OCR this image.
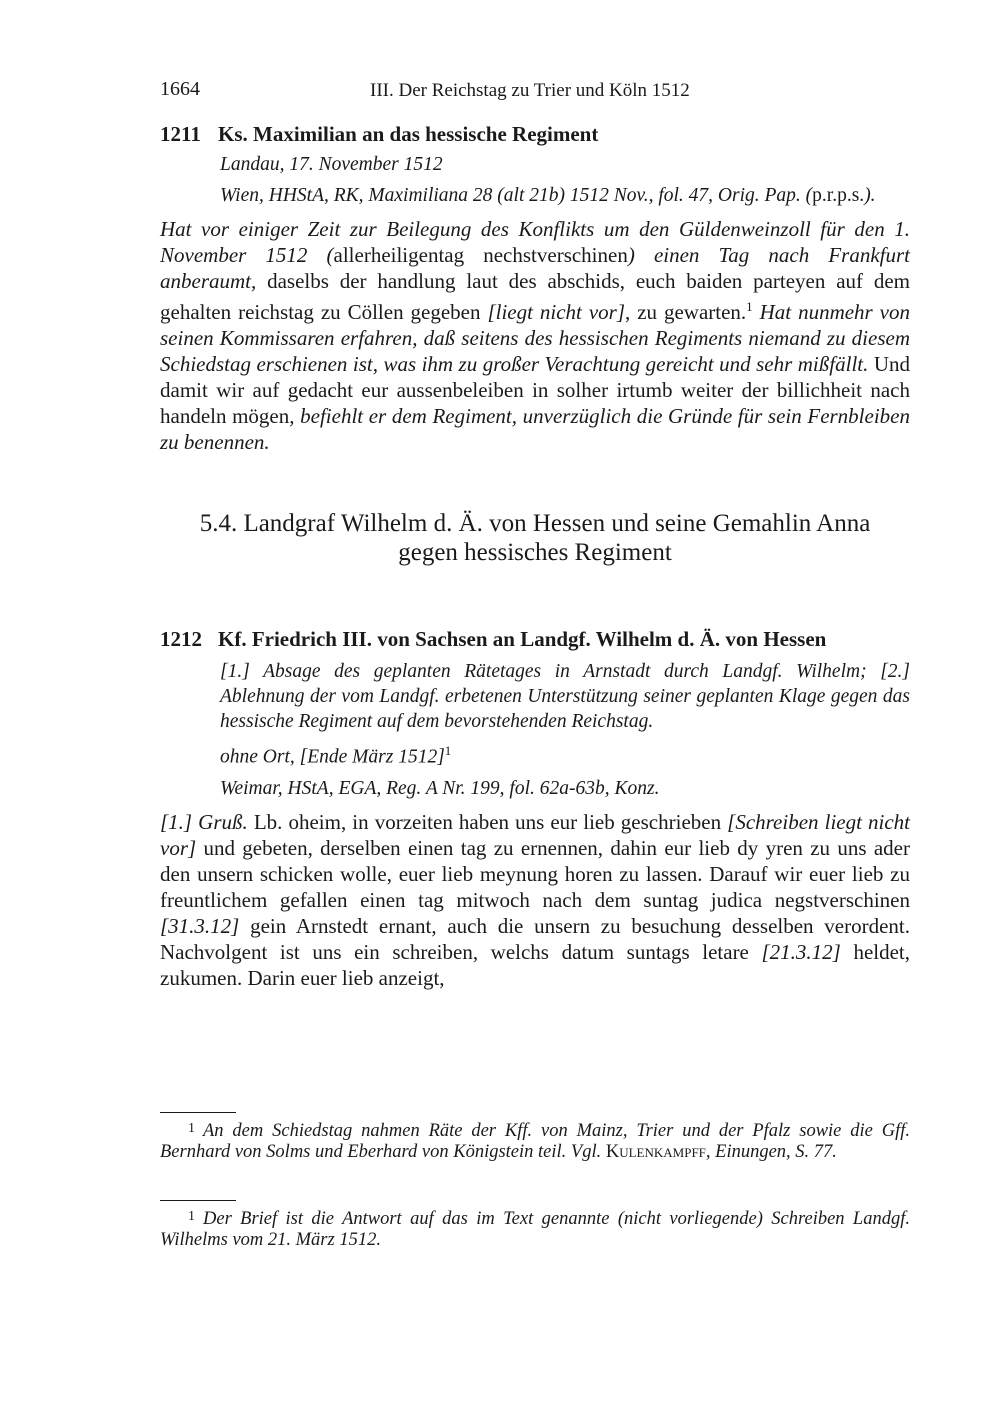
1664	III. Der Reichstag zu Trier und Köln 1512
1211 Ks. Maximilian an das hessische Regiment
Landau, 17. November 1512
Wien, HHStA, RK, Maximiliana 28 (alt 21b) 1512 Nov., fol. 47, Orig. Pap. (p.r.p.s.).
Hat vor einiger Zeit zur Beilegung des Konflikts um den Güldenweinzoll für den 1. November 1512 (allerheiligentag nechstverschinen) einen Tag nach Frankfurt anberaumt, daselbs der handlung laut des abschids, euch baiden parteyen auf dem gehalten reichstag zu Cöllen gegeben [liegt nicht vor], zu gewarten.$^1$ Hat nunmehr von seinen Kommissaren erfahren, daß seitens des hessischen Regiments niemand zu diesem Schiedstag erschienen ist, was ihm zu großer Verachtung gereicht und sehr mißfällt. Und damit wir auf gedacht eur aussenbeleiben in solher irtumb weiter der billichheit nach handeln mögen, befiehlt er dem Regiment, unverzüglich die Gründe für sein Fernbleiben zu benennen.
5.4. Landgraf Wilhelm d. Ä. von Hessen und seine Gemahlin Anna
gegen hessisches Regiment
1212 Kf. Friedrich III. von Sachsen an Landgf. Wilhelm d. Ä. von Hessen
[1.] Absage des geplanten Rätetages in Arnstadt durch Landgf. Wilhelm; [2.] Ablehnung der vom Landgf. erbetenen Unterstützung seiner geplanten Klage gegen das hessische Regiment auf dem bevorstehenden Reichstag.
ohne Ort, [Ende März 1512]$^1$
Weimar, HStA, EGA, Reg. A Nr. 199, fol. 62a-63b, Konz.
[1.] Gruß. Lb. oheim, in vorzeiten haben uns eur lieb geschrieben [Schreiben liegt nicht vor] und gebeten, derselben einen tag zu ernennen, dahin eur lieb dy yren zu uns ader den unsern schicken wolle, euer lieb meynung horen zu lassen. Darauf wir euer lieb zu freuntlichem gefallen einen tag mitwoch nach dem suntag judica negstverschinen [31.3.12] gein Arnstedt ernant, auch die unsern zu besuchung desselben verordent. Nachvolgent ist uns ein schreiben, welchs datum suntags letare [21.3.12] heldet, zukumen. Darin euer lieb anzeigt,
$^1$ An dem Schiedstag nahmen Räte der Kff. von Mainz, Trier und der Pfalz sowie die Gff. Bernhard von Solms und Eberhard von Königstein teil. Vgl. Kulenkampff, Einungen, S. 77.
$^1$ Der Brief ist die Antwort auf das im Text genannte (nicht vorliegende) Schreiben Landgf. Wilhelms vom 21. März 1512.
